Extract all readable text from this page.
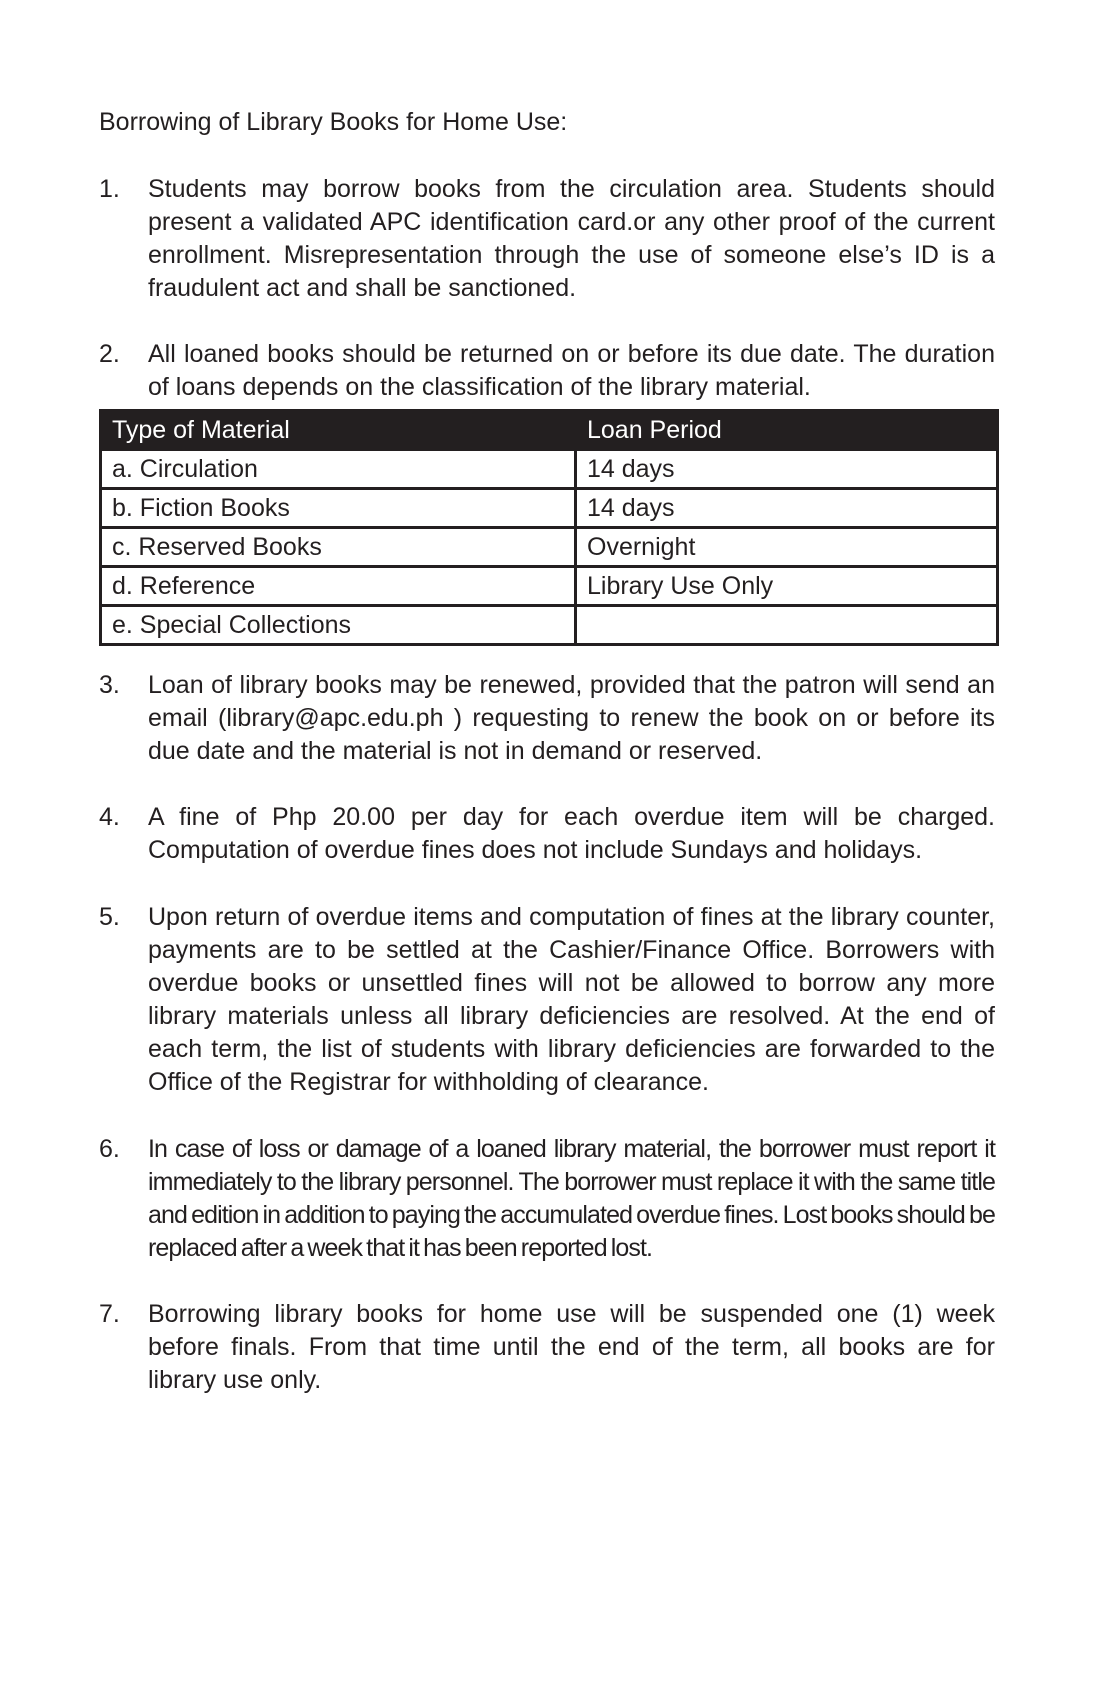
Borrowing of Library Books for Home Use:
1. Students may borrow books from the circulation area. Students should present a validated APC identification card.or any other proof of the current enrollment. Misrepresentation through the use of someone else’s ID is a fraudulent act and shall be sanctioned.
2. All loaned books should be returned on or before its due date. The duration of loans depends on the classification of the library material.
Type of Material	Loan Period
a. Circulation	14 days
b. Fiction Books	14 days
c. Reserved Books	Overnight
d. Reference	Library Use Only
e. Special Collections	
3. Loan of library books may be renewed, provided that the patron will send an email (library@apc.edu.ph ) requesting to renew the book on or before its due date and the material is not in demand or reserved.
4. A fine of Php 20.00 per day for each overdue item will be charged. Computation of overdue fines does not include Sundays and holidays.
5. Upon return of overdue items and computation of fines at the library counter, payments are to be settled at the Cashier/Finance Office. Borrowers with overdue books or unsettled fines will not be allowed to borrow any more library materials unless all library deficiencies are resolved. At the end of each term, the list of students with library deficiencies are forwarded to the Office of the Registrar for withholding of clearance.
6. In case of loss or damage of a loaned library material, the borrower must report it immediately to the library personnel. The borrower must replace it with the same title and edition in addition to paying the accumulated overdue fines. Lost books should be replaced after a week that it has been reported lost.
7. Borrowing library books for home use will be suspended one (1) week before finals. From that time until the end of the term, all books are for library use only.
